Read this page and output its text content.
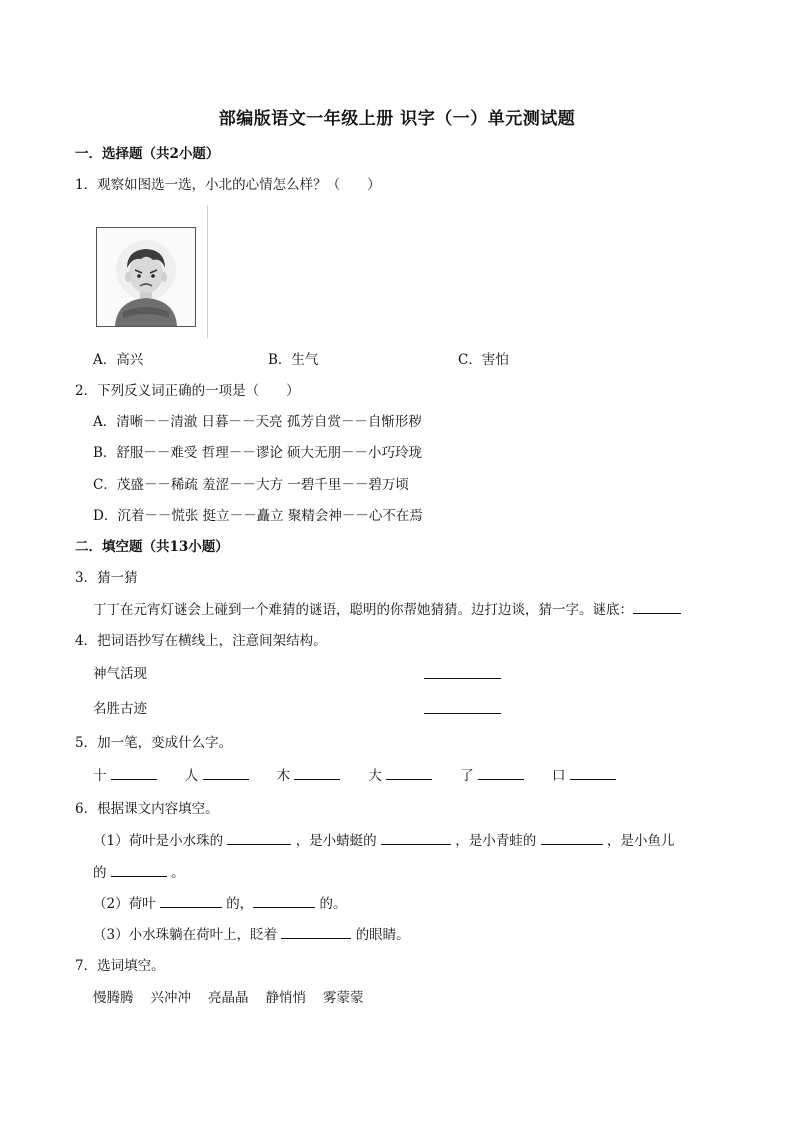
部编版语文一年级上册 识字（一）单元测试题
一．选择题（共2小题）
1．观察如图选一选，小北的心情怎么样？（　　）
A．高兴	B．生气	C．害怕
2．下列反义词正确的一项是（　　）
A．清晰－－清澈 日暮－－天亮 孤芳自赏－－自惭形秽
B．舒服－－难受 哲理－－谬论 硕大无朋－－小巧玲珑
C．茂盛－－稀疏 羞涩－－大方 一碧千里－－碧万顷
D．沉着－－慌张 挺立－－矗立 聚精会神－－心不在焉
二．填空题（共13小题）
3．猜一猜
丁丁在元宵灯谜会上碰到一个难猜的谜语，聪明的你帮她猜猜。边打边谈，猜一字。谜底：
4．把词语抄写在横线上，注意间架结构。
神气活现
名胜古迹
5．加一笔，变成什么字。
十	人	木	大	了	口
6．根据课文内容填空。
（1）荷叶是小水珠的	，是小蜻蜓的	，是小青蛙的	，是小鱼儿
的	。
（2）荷叶	的，	的。
（3）小水珠躺在荷叶上，眨着	的眼睛。
7．选词填空。
慢腾腾 兴冲冲 亮晶晶 静悄悄 雾蒙蒙
